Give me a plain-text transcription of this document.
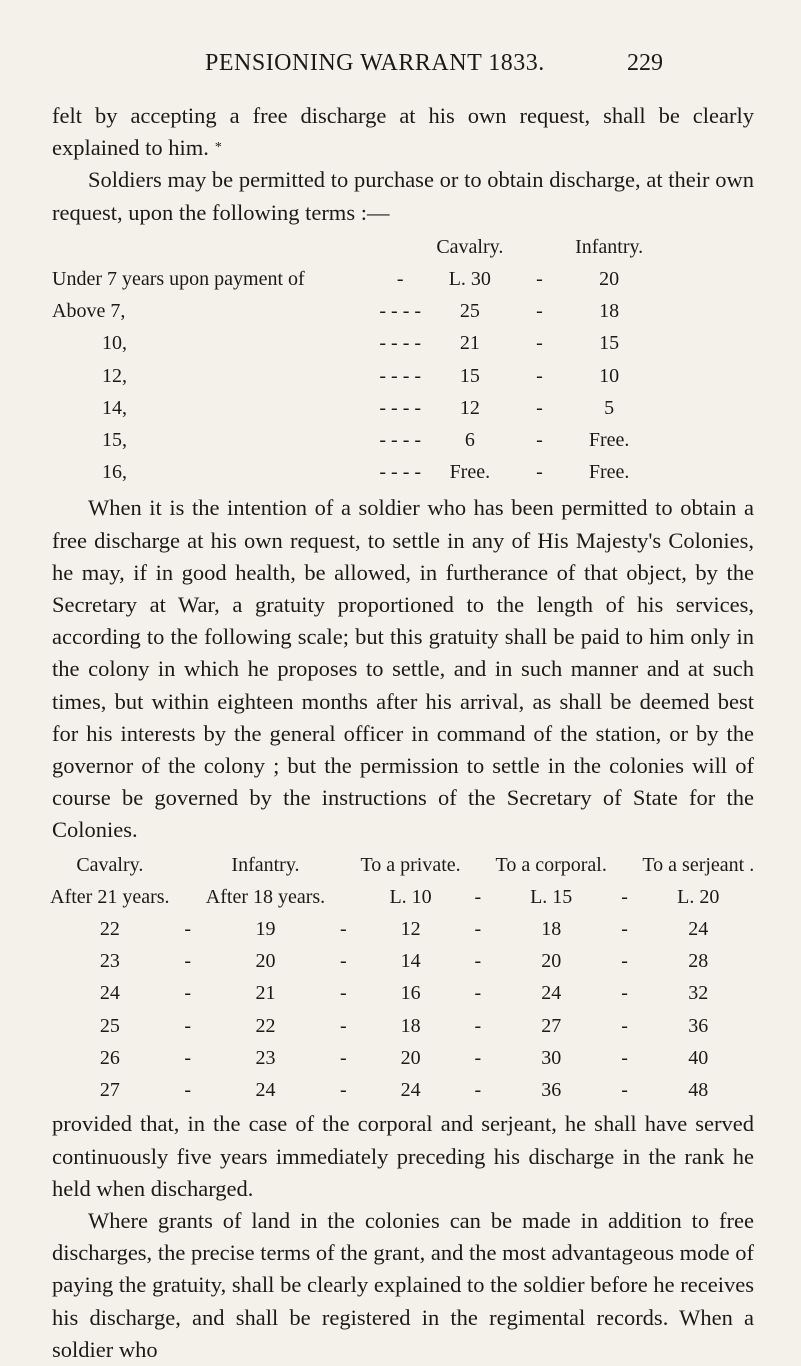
PENSIONING WARRANT 1833.	229

felt by accepting a free discharge at his own request, shall be clearly explained to him. *

Soldiers may be permitted to purchase or to obtain discharge, at their own request, upon the following terms :—

		Cavalry.		Infantry.
Under 7 years upon payment of	-	L. 30	-	20
Above 7,	- - - -	25	-	18
10,	- - - -	21	-	15
12,	- - - -	15	-	10
14,	- - - -	12	-	5
15,	- - - -	6	-	Free.
16,	- - - -	Free.	-	Free.

When it is the intention of a soldier who has been permitted to obtain a free discharge at his own request, to settle in any of His Majesty's Colonies, he may, if in good health, be allowed, in furtherance of that object, by the Secretary at War, a gratuity proportioned to the length of his services, according to the following scale; but this gratuity shall be paid to him only in the colony in which he proposes to settle, and in such manner and at such times, but within eighteen months after his arrival, as shall be deemed best for his interests by the general officer in command of the station, or by the governor of the colony ; but the permission to settle in the colonies will of course be governed by the instructions of the Secretary of State for the Colonies.

Cavalry.		Infantry.		To a private.		To a corporal.		To a serjeant .
After 21 years.		After 18 years.		L. 10	-	L. 15	-	L. 20
22	-	19	-	12	-	18	-	24
23	-	20	-	14	-	20	-	28
24	-	21	-	16	-	24	-	32
25	-	22	-	18	-	27	-	36
26	-	23	-	20	-	30	-	40
27	-	24	-	24	-	36	-	48

provided that, in the case of the corporal and serjeant, he shall have served continuously five years immediately preceding his discharge in the rank he held when discharged.

Where grants of land in the colonies can be made in addition to free discharges, the precise terms of the grant, and the most advantageous mode of paying the gratuity, shall be clearly explained to the soldier before he receives his discharge, and shall be registered in the regimental records. When a soldier who
